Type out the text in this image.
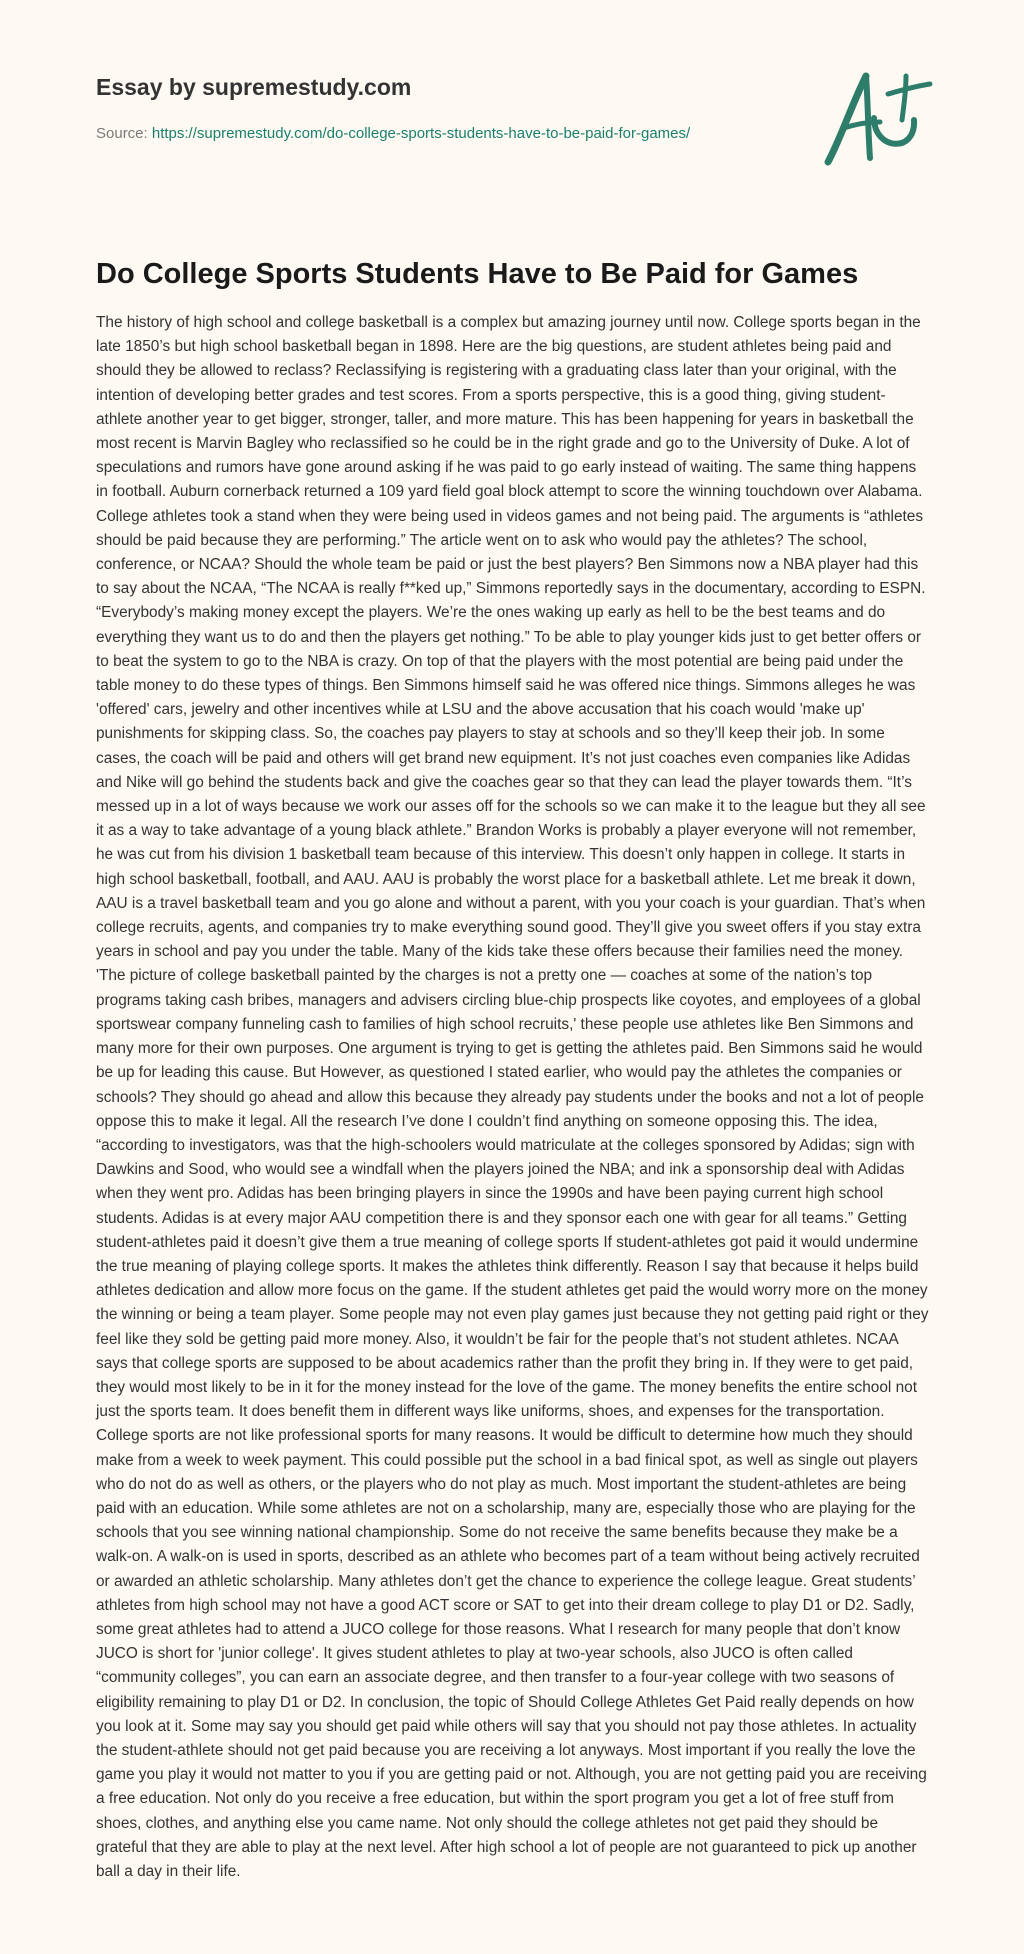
Essay by supremestudy.com
Source: https://supremestudy.com/do-college-sports-students-have-to-be-paid-for-games/
Do College Sports Students Have to Be Paid for Games

The history of high school and college basketball is a complex but amazing journey until now. College sports began in the late 1850’s but high school basketball began in 1898. Here are the big questions, are student athletes being paid and should they be allowed to reclass? Reclassifying is registering with a graduating class later than your original, with the intention of developing better grades and test scores. From a sports perspective, this is a good thing, giving student-athlete another year to get bigger, stronger, taller, and more mature. This has been happening for years in basketball the most recent is Marvin Bagley who reclassified so he could be in the right grade and go to the University of Duke. A lot of speculations and rumors have gone around asking if he was paid to go early instead of waiting. The same thing happens in football. Auburn cornerback returned a 109 yard field goal block attempt to score the winning touchdown over Alabama. College athletes took a stand when they were being used in videos games and not being paid. The arguments is “athletes should be paid because they are performing.” The article went on to ask who would pay the athletes? The school, conference, or NCAA? Should the whole team be paid or just the best players? Ben Simmons now a NBA player had this to say about the NCAA, “The NCAA is really f**ked up,” Simmons reportedly says in the documentary, according to ESPN. “Everybody’s making money except the players. We’re the ones waking up early as hell to be the best teams and do everything they want us to do and then the players get nothing.” To be able to play younger kids just to get better offers or to beat the system to go to the NBA is crazy. On top of that the players with the most potential are being paid under the table money to do these types of things. Ben Simmons himself said he was offered nice things. Simmons alleges he was 'offered' cars, jewelry and other incentives while at LSU and the above accusation that his coach would 'make up' punishments for skipping class. So, the coaches pay players to stay at schools and so they’ll keep their job. In some cases, the coach will be paid and others will get brand new equipment. It’s not just coaches even companies like Adidas and Nike will go behind the students back and give the coaches gear so that they can lead the player towards them. “It’s messed up in a lot of ways because we work our asses off for the schools so we can make it to the league but they all see it as a way to take advantage of a young black athlete.” Brandon Works is probably a player everyone will not remember, he was cut from his division 1 basketball team because of this interview. This doesn’t only happen in college. It starts in high school basketball, football, and AAU. AAU is probably the worst place for a basketball athlete. Let me break it down, AAU is a travel basketball team and you go alone and without a parent, with you your coach is your guardian. That’s when college recruits, agents, and companies try to make everything sound good. They’ll give you sweet offers if you stay extra years in school and pay you under the table. Many of the kids take these offers because their families need the money. 'The picture of college basketball painted by the charges is not a pretty one — coaches at some of the nation’s top programs taking cash bribes, managers and advisers circling blue-chip prospects like coyotes, and employees of a global sportswear company funneling cash to families of high school recruits,' these people use athletes like Ben Simmons and many more for their own purposes. One argument is trying to get is getting the athletes paid. Ben Simmons said he would be up for leading this cause. But However, as questioned I stated earlier, who would pay the athletes the companies or schools? They should go ahead and allow this because they already pay students under the books and not a lot of people oppose this to make it legal. All the research I’ve done I couldn’t find anything on someone opposing this. The idea, “according to investigators, was that the high-schoolers would matriculate at the colleges sponsored by Adidas; sign with Dawkins and Sood, who would see a windfall when the players joined the NBA; and ink a sponsorship deal with Adidas when they went pro. Adidas has been bringing players in since the 1990s and have been paying current high school students. Adidas is at every major AAU competition there is and they sponsor each one with gear for all teams.” Getting student-athletes paid it doesn’t give them a true meaning of college sports If student-athletes got paid it would undermine the true meaning of playing college sports. It makes the athletes think differently. Reason I say that because it helps build athletes dedication and allow more focus on the game. If the student athletes get paid the would worry more on the money the winning or being a team player. Some people may not even play games just because they not getting paid right or they feel like they sold be getting paid more money. Also, it wouldn’t be fair for the people that’s not student athletes. NCAA says that college sports are supposed to be about academics rather than the profit they bring in. If they were to get paid, they would most likely to be in it for the money instead for the love of the game. The money benefits the entire school not just the sports team. It does benefit them in different ways like uniforms, shoes, and expenses for the transportation. College sports are not like professional sports for many reasons. It would be difficult to determine how much they should make from a week to week payment. This could possible put the school in a bad finical spot, as well as single out players who do not do as well as others, or the players who do not play as much. Most important the student-athletes are being paid with an education. While some athletes are not on a scholarship, many are, especially those who are playing for the schools that you see winning national championship. Some do not receive the same benefits because they make be a walk-on. A walk-on is used in sports, described as an athlete who becomes part of a team without being actively recruited or awarded an athletic scholarship. Many athletes don’t get the chance to experience the college league. Great students’ athletes from high school may not have a good ACT score or SAT to get into their dream college to play D1 or D2. Sadly, some great athletes had to attend a JUCO college for those reasons. What I research for many people that don’t know JUCO is short for 'junior college'. It gives student athletes to play at two-year schools, also JUCO is often called “community colleges”, you can earn an associate degree, and then transfer to a four-year college with two seasons of eligibility remaining to play D1 or D2. In conclusion, the topic of Should College Athletes Get Paid really depends on how you look at it. Some may say you should get paid while others will say that you should not pay those athletes. In actuality the student-athlete should not get paid because you are receiving a lot anyways. Most important if you really the love the game you play it would not matter to you if you are getting paid or not. Although, you are not getting paid you are receiving a free education. Not only do you receive a free education, but within the sport program you get a lot of free stuff from shoes, clothes, and anything else you came name. Not only should the college athletes not get paid they should be grateful that they are able to play at the next level. After high school a lot of people are not guaranteed to pick up another ball a day in their life.
